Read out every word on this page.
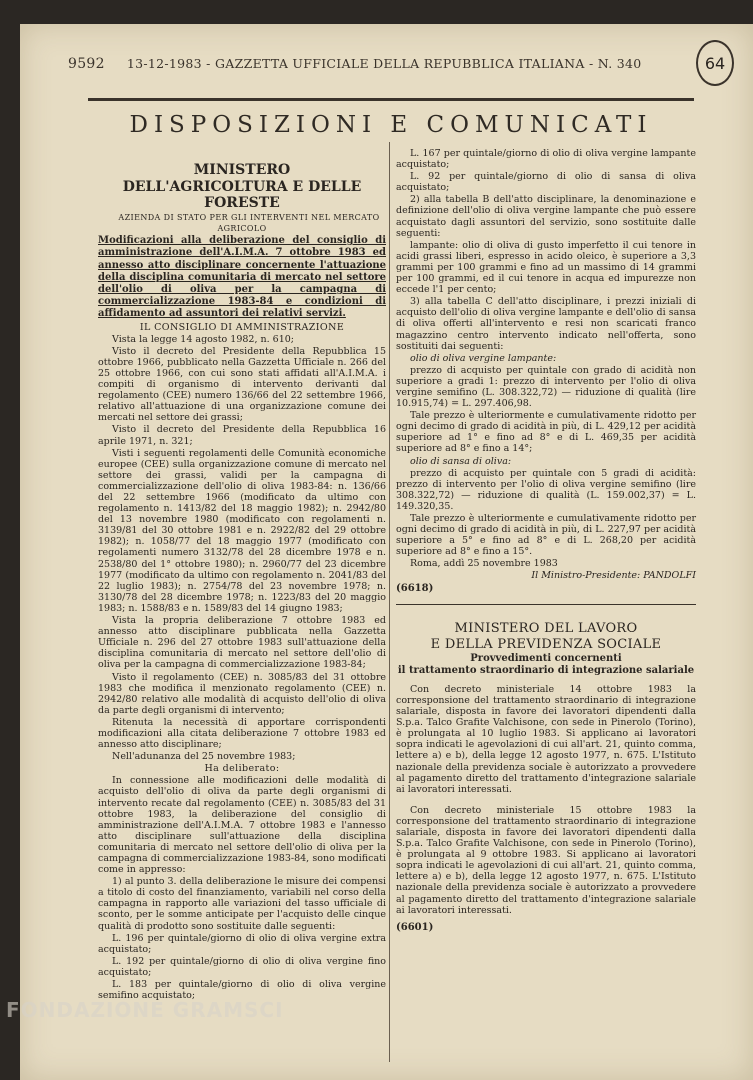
9592 13-12-1983 - GAZZETTA UFFICIALE DELLA REPUBBLICA ITALIANA - N. 340	64
DISPOSIZIONI E COMUNICATI

MINISTERO

DELL'AGRICOLTURA E DELLE FORESTE

AZIENDA DI STATO PER GLI INTERVENTI NEL MERCATO AGRICOLO

Modificazioni alla deliberazione del consiglio di amministrazione dell'A.I.M.A. 7 ottobre 1983 ed annesso atto disciplinare concernente l'attuazione della disciplina comunitaria di mercato nel settore dell'olio di oliva per la campagna di commercializzazione 1983-84 e condizioni di affidamento ad assuntori dei relativi servizi.

IL CONSIGLIO DI AMMINISTRAZIONE

Vista la legge 14 agosto 1982, n. 610;

Visto il decreto del Presidente della Repubblica 15 ottobre 1966, pubblicato nella Gazzetta Ufficiale n. 266 del 25 ottobre 1966, con cui sono stati affidati all'A.I.M.A. i compiti di organismo di intervento derivanti dal regolamento (CEE) numero 136/66 del 22 settembre 1966, relativo all'attuazione di una organizzazione comune dei mercati nel settore dei grassi;

Visto il decreto del Presidente della Repubblica 16 aprile 1971, n. 321;

Visti i seguenti regolamenti delle Comunità economiche europee (CEE) sulla organizzazione comune di mercato nel settore dei grassi, validi per la campagna di commercializzazione dell'olio di oliva 1983-84: n. 136/66 del 22 settembre 1966 (modificato da ultimo con regolamento n. 1413/82 del 18 maggio 1982); n. 2942/80 del 13 novembre 1980 (modificato con regolamenti n. 3139/81 del 30 ottobre 1981 e n. 2922/82 del 29 ottobre 1982); n. 1058/77 del 18 maggio 1977 (modificato con regolamenti numero 3132/78 del 28 dicembre 1978 e n. 2538/80 del 1° ottobre 1980); n. 2960/77 del 23 dicembre 1977 (modificato da ultimo con regolamento n. 2041/83 del 22 luglio 1983); n. 2754/78 del 23 novembre 1978; n. 3130/78 del 28 dicembre 1978; n. 1223/83 del 20 maggio 1983; n. 1588/83 e n. 1589/83 del 14 giugno 1983;

Vista la propria deliberazione 7 ottobre 1983 ed annesso atto disciplinare pubblicata nella Gazzetta Ufficiale n. 296 del 27 ottobre 1983 sull'attuazione della disciplina comunitaria di mercato nel settore dell'olio di oliva per la campagna di commercializzazione 1983-84;

Visto il regolamento (CEE) n. 3085/83 del 31 ottobre 1983 che modifica il menzionato regolamento (CEE) n. 2942/80 relativo alle modalità di acquisto dell'olio di oliva da parte degli organismi di intervento;

Ritenuta la necessità di apportare corrispondenti modificazioni alla citata deliberazione 7 ottobre 1983 ed annesso atto disciplinare;

Nell'adunanza del 25 novembre 1983;

Ha deliberato:

In connessione alle modificazioni delle modalità di acquisto dell'olio di oliva da parte degli organismi di intervento recate dal regolamento (CEE) n. 3085/83 del 31 ottobre 1983, la deliberazione del consiglio di amministrazione dell'A.I.M.A. 7 ottobre 1983 e l'annesso atto disciplinare sull'attuazione della disciplina comunitaria di mercato nel settore dell'olio di oliva per la campagna di commercializzazione 1983-84, sono modificati come in appresso:

1) al punto 3. della deliberazione le misure dei compensi a titolo di costo del finanziamento, variabili nel corso della campagna in rapporto alle variazioni del tasso ufficiale di sconto, per le somme anticipate per l'acquisto delle cinque qualità di prodotto sono sostituite dalle seguenti:

L. 196 per quintale/giorno di olio di oliva vergine extra acquistato;

L. 192 per quintale/giorno di olio di oliva vergine fino acquistato;

L. 183 per quintale/giorno di olio di oliva vergine semifino acquistato;

L. 167 per quintale/giorno di olio di oliva vergine lampante acquistato;

L. 92 per quintale/giorno di olio di sansa di oliva acquistato;

2) alla tabella B dell'atto disciplinare, la denominazione e definizione dell'olio di oliva vergine lampante che può essere acquistato dagli assuntori del servizio, sono sostituite dalle seguenti:

lampante: olio di oliva di gusto imperfetto il cui tenore in acidi grassi liberi, espresso in acido oleico, è superiore a 3,3 grammi per 100 grammi e fino ad un massimo di 14 grammi per 100 grammi, ed il cui tenore in acqua ed impurezze non eccede l'1 per cento;

3) alla tabella C dell'atto disciplinare, i prezzi iniziali di acquisto dell'olio di oliva vergine lampante e dell'olio di sansa di oliva offerti all'intervento e resi non scaricati franco magazzino centro intervento indicato nell'offerta, sono sostituiti dai seguenti:

olio di oliva vergine lampante:

prezzo di acquisto per quintale con grado di acidità non superiore a gradi 1: prezzo di intervento per l'olio di oliva vergine semifino (L. 308.322,72) — riduzione di qualità (lire 10.915,74) = L. 297.406,98.

Tale prezzo è ulteriormente e cumulativamente ridotto per ogni decimo di grado di acidità in più, di L. 429,12 per acidità superiore ad 1° e fino ad 8° e di L. 469,35 per acidità superiore ad 8° e fino a 14°;

olio di sansa di oliva:

prezzo di acquisto per quintale con 5 gradi di acidità: prezzo di intervento per l'olio di oliva vergine semifino (lire 308.322,72) — riduzione di qualità (L. 159.002,37) = L. 149.320,35.

Tale prezzo è ulteriormente e cumulativamente ridotto per ogni decimo di grado di acidità in più, di L. 227,97 per acidità superiore a 5° e fino ad 8° e di L. 268,20 per acidità superiore ad 8° e fino a 15°.

Roma, addì 25 novembre 1983

Il Ministro-Presidente: PANDOLFI

(6618)

MINISTERO DEL LAVORO

E DELLA PREVIDENZA SOCIALE

Provvedimenti concernenti

il trattamento straordinario di integrazione salariale

Con decreto ministeriale 14 ottobre 1983 la corresponsione del trattamento straordinario di integrazione salariale, disposta in favore dei lavoratori dipendenti dalla S.p.a. Talco Grafite Valchisone, con sede in Pinerolo (Torino), è prolungata al 10 luglio 1983. Si applicano ai lavoratori sopra indicati le agevolazioni di cui all'art. 21, quinto comma, lettere a) e b), della legge 12 agosto 1977, n. 675. L'Istituto nazionale della previdenza sociale è autorizzato a provvedere al pagamento diretto del trattamento d'integrazione salariale ai lavoratori interessati.

Con decreto ministeriale 15 ottobre 1983 la corresponsione del trattamento straordinario di integrazione salariale, disposta in favore dei lavoratori dipendenti dalla S.p.a. Talco Grafite Valchisone, con sede in Pinerolo (Torino), è prolungata al 9 ottobre 1983. Si applicano ai lavoratori sopra indicati le agevolazioni di cui all'art. 21, quinto comma, lettere a) e b), della legge 12 agosto 1977, n. 675. L'Istituto nazionale della previdenza sociale è autorizzato a provvedere al pagamento diretto del trattamento d'integrazione salariale ai lavoratori interessati.

(6601)

FONDAZIONE GRAMSCI
